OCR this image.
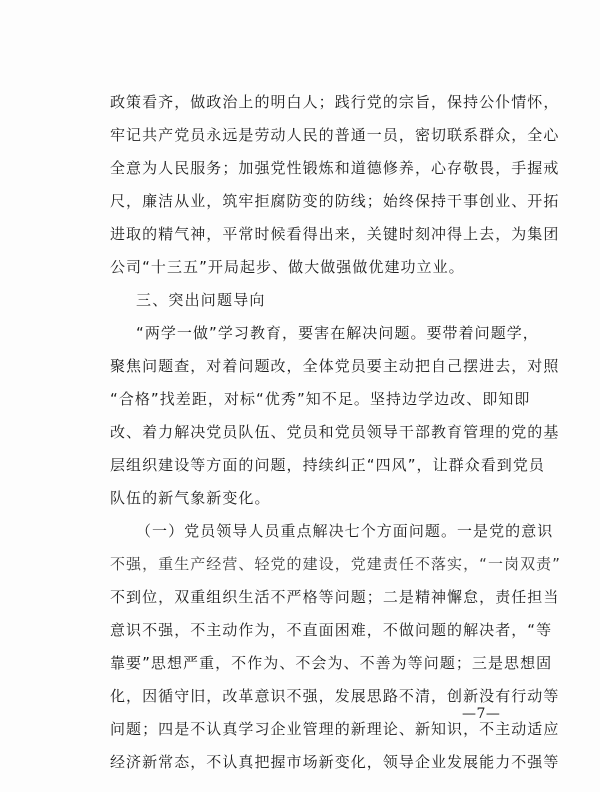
政策看齐，做政治上的明白人；践行党的宗旨，保持公仆情怀，
牢记共产党员永远是劳动人民的普通一员，密切联系群众，全心
全意为人民服务；加强党性锻炼和道德修养，心存敬畏，手握戒
尺，廉洁从业，筑牢拒腐防变的防线；始终保持干事创业、开拓
进取的精气神，平常时候看得出来，关键时刻冲得上去，为集团
公司“十三五”开局起步、做大做强做优建功立业。
三、突出问题导向
“两学一做”学习教育，要害在解决问题。要带着问题学，
聚焦问题查，对着问题改，全体党员要主动把自己摆进去，对照
“合格”找差距，对标“优秀”知不足。坚持边学边改、即知即
改、着力解决党员队伍、党员和党员领导干部教育管理的党的基
层组织建设等方面的问题，持续纠正“四风”，让群众看到党员
队伍的新气象新变化。
（一）党员领导人员重点解决七个方面问题。一是党的意识
不强，重生产经营、轻党的建设，党建责任不落实，“一岗双责”
不到位，双重组织生活不严格等问题；二是精神懈怠，责任担当
意识不强，不主动作为，不直面困难，不做问题的解决者，“等
靠要”思想严重，不作为、不会为、不善为等问题；三是思想固
化，因循守旧，改革意识不强，发展思路不清，创新没有行动等
问题；四是不认真学习企业管理的新理论、新知识，不主动适应
经济新常态，不认真把握市场新变化，领导企业发展能力不强等
—7—
